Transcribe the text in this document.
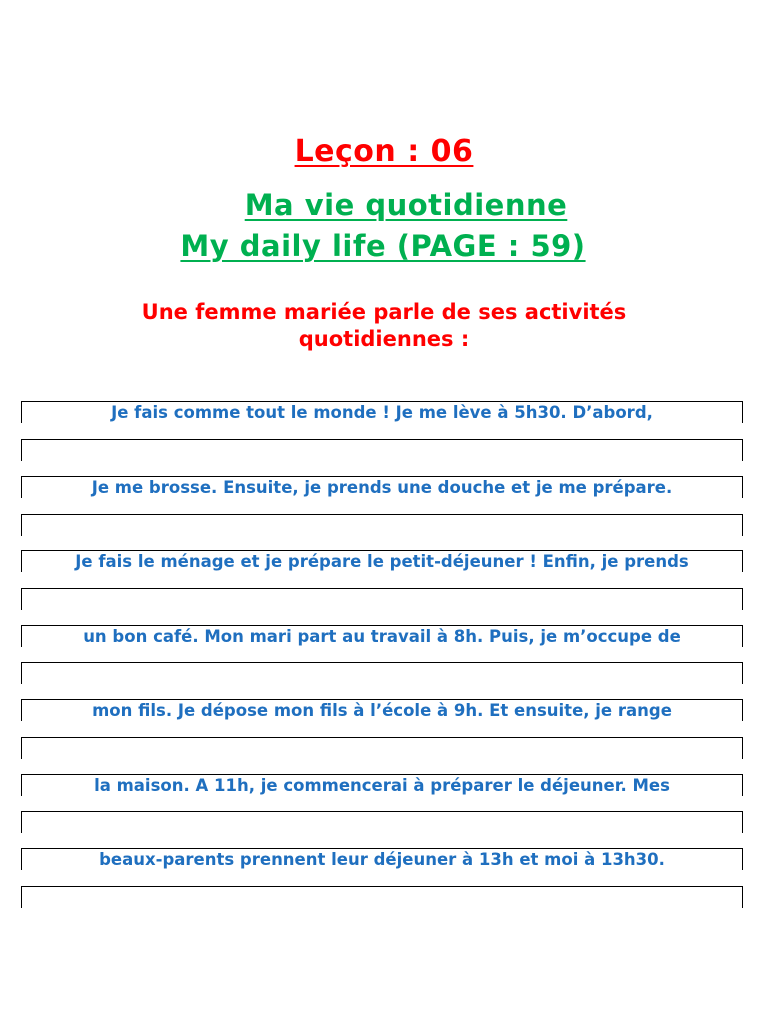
Leçon : 06
Ma vie quotidienne
My daily life (PAGE : 59)

Une femme mariée parle de ses activités
quotidiennes :

Je fais comme tout le monde ! Je me lève à 5h30. D’abord,
Je me brosse. Ensuite, je prends une douche et je me prépare.
Je fais le ménage et je prépare le petit-déjeuner ! Enfin, je prends
un bon café. Mon mari part au travail à 8h. Puis, je m’occupe de
mon fils. Je dépose mon fils à l’école à 9h. Et ensuite, je range
la maison. A 11h, je commencerai à préparer le déjeuner. Mes
beaux-parents prennent leur déjeuner à 13h et moi à 13h30.
